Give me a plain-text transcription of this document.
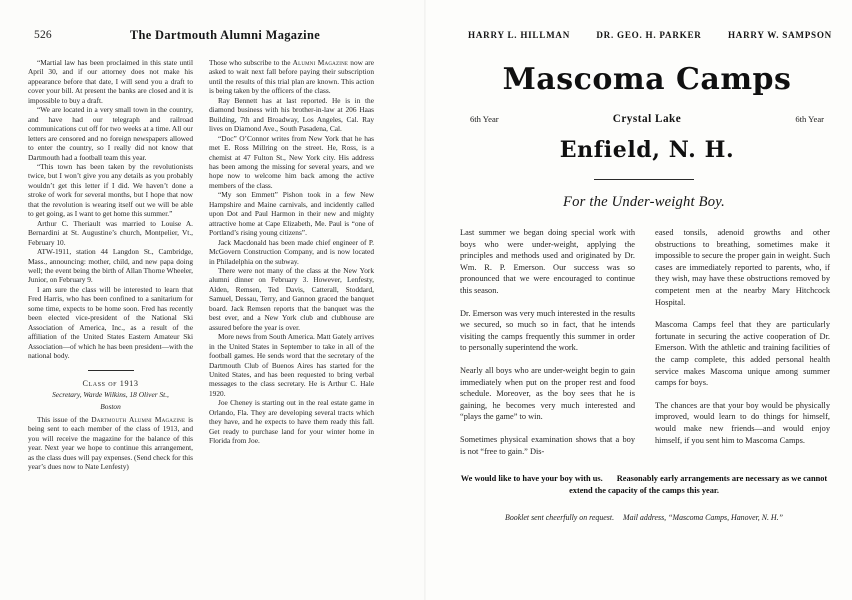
526	The Dartmouth Alumni Magazine

“Martial law has been proclaimed in this state until April 30, and if our attorney does not make his appearance before that date, I will send you a draft to cover your bill. At present the banks are closed and it is impossible to buy a draft.

“We are located in a very small town in the country, and have had our telegraph and railroad communications cut off for two weeks at a time. All our letters are censored and no foreign newspapers allowed to enter the country, so I really did not know that Dartmouth had a football team this year.

“This town has been taken by the revolutionists twice, but I won’t give you any details as you probably wouldn’t get this letter if I did. We haven’t done a stroke of work for several months, but I hope that now that the revolution is wearing itself out we will be able to get going, as I want to get home this summer.”

Arthur C. Theriault was married to Louise A. Bernardini at St. Augustine’s church, Montpelier, Vt., February 10.

ATW-1911, station 44 Langdon St., Cambridge, Mass., announcing: mother, child, and new papa doing well; the event being the birth of Allan Thorne Wheeler, Junior, on February 9.

I am sure the class will be interested to learn that Fred Harris, who has been confined to a sanitarium for some time, expects to be home soon. Fred has recently been elected vice-president of the National Ski Association of America, Inc., as a result of the affiliation of the United States Eastern Amateur Ski Association—of which he has been president—with the national body.

Class of 1913
Secretary, Warde Wilkins, 18 Oliver St.,
Boston

This issue of the Dartmouth Alumni Magazine is being sent to each member of the class of 1913, and you will receive the magazine for the balance of this year. Next year we hope to continue this arrangement, as the class dues will pay expenses. (Send check for this year’s dues now to Nate Lenfesty)

Those who subscribe to the Alumni Magazine now are asked to wait next fall before paying their subscription until the results of this trial plan are known. This action is being taken by the officers of the class.

Ray Bennett has at last reported. He is in the diamond business with his brother-in-law at 206 Haas Building, 7th and Broadway, Los Angeles, Cal. Ray lives on Diamond Ave., South Pasadena, Cal.

“Doc” O’Connor writes from New York that he has met E. Ross Millring on the street. He, Ross, is a chemist at 47 Fulton St., New York city. His address has been among the missing for several years, and we hope now to welcome him back among the active members of the class.

“My son Emmett” Pishon took in a few New Hampshire and Maine carnivals, and incidently called upon Dot and Paul Harmon in their new and mighty attractive home at Cape Elizabeth, Me. Paul is “one of Portland’s rising young citizens”.

Jack Macdonald has been made chief engineer of P. McGovern Construction Company, and is now located in Philadelphia on the subway.

There were not many of the class at the New York alumni dinner on February 3. However, Lenfesty, Alden, Remsen, Ted Davis, Catterall, Stoddard, Samuel, Dessau, Terry, and Gannon graced the banquet board. Jack Remsen reports that the banquet was the best ever, and a New York club and clubhouse are assured before the year is over.

More news from South America. Matt Gately arrives in the United States in September to take in all of the football games. He sends word that the secretary of the Dartmouth Club of Buenos Aires has started for the United States, and has been requested to bring verbal messages to the class secretary. He is Arthur C. Hale 1920.

Joe Cheney is starting out in the real estate game in Orlando, Fla. They are developing several tracts which they have, and he expects to have them ready this fall. Get ready to purchase land for your winter home in Florida from Joe.

HARRY L. HILLMAN	DR. GEO. H. PARKER	HARRY W. SAMPSON
Mascoma Camps
6th Year	Crystal Lake	6th Year
Enfield, N. H.
For the Under-weight Boy.

Last summer we began doing special work with boys who were under-weight, applying the principles and methods used and originated by Dr. Wm. R. P. Emerson. Our success was so pronounced that we were encouraged to continue this season.

Dr. Emerson was very much interested in the results we secured, so much so in fact, that he intends visiting the camps frequently this summer in order to personally superintend the work.

Nearly all boys who are under-weight begin to gain immediately when put on the proper rest and food schedule. Moreover, as the boy sees that he is gaining, he becomes very much interested and “plays the game” to win.

Sometimes physical examination shows that a boy is not “free to gain.” Dis-

eased tonsils, adenoid growths and other obstructions to breathing, sometimes make it impossible to secure the proper gain in weight. Such cases are immediately reported to parents, who, if they wish, may have these obstructions removed by competent men at the nearby Mary Hitchcock Hospital.

Mascoma Camps feel that they are particularly fortunate in securing the active cooperation of Dr. Emerson. With the athletic and training facilities of the camp complete, this added personal health service makes Mascoma unique among summer camps for boys.

The chances are that your boy would be physically improved, would learn to do things for himself, would make new friends—and would enjoy himself, if you sent him to Mascoma Camps.

We would like to have your boy with us. Reasonably early arrangements are necessary as we cannot extend the capacity of the camps this year.
Booklet sent cheerfully on request. Mail address, “Mascoma Camps, Hanover, N. H.”
